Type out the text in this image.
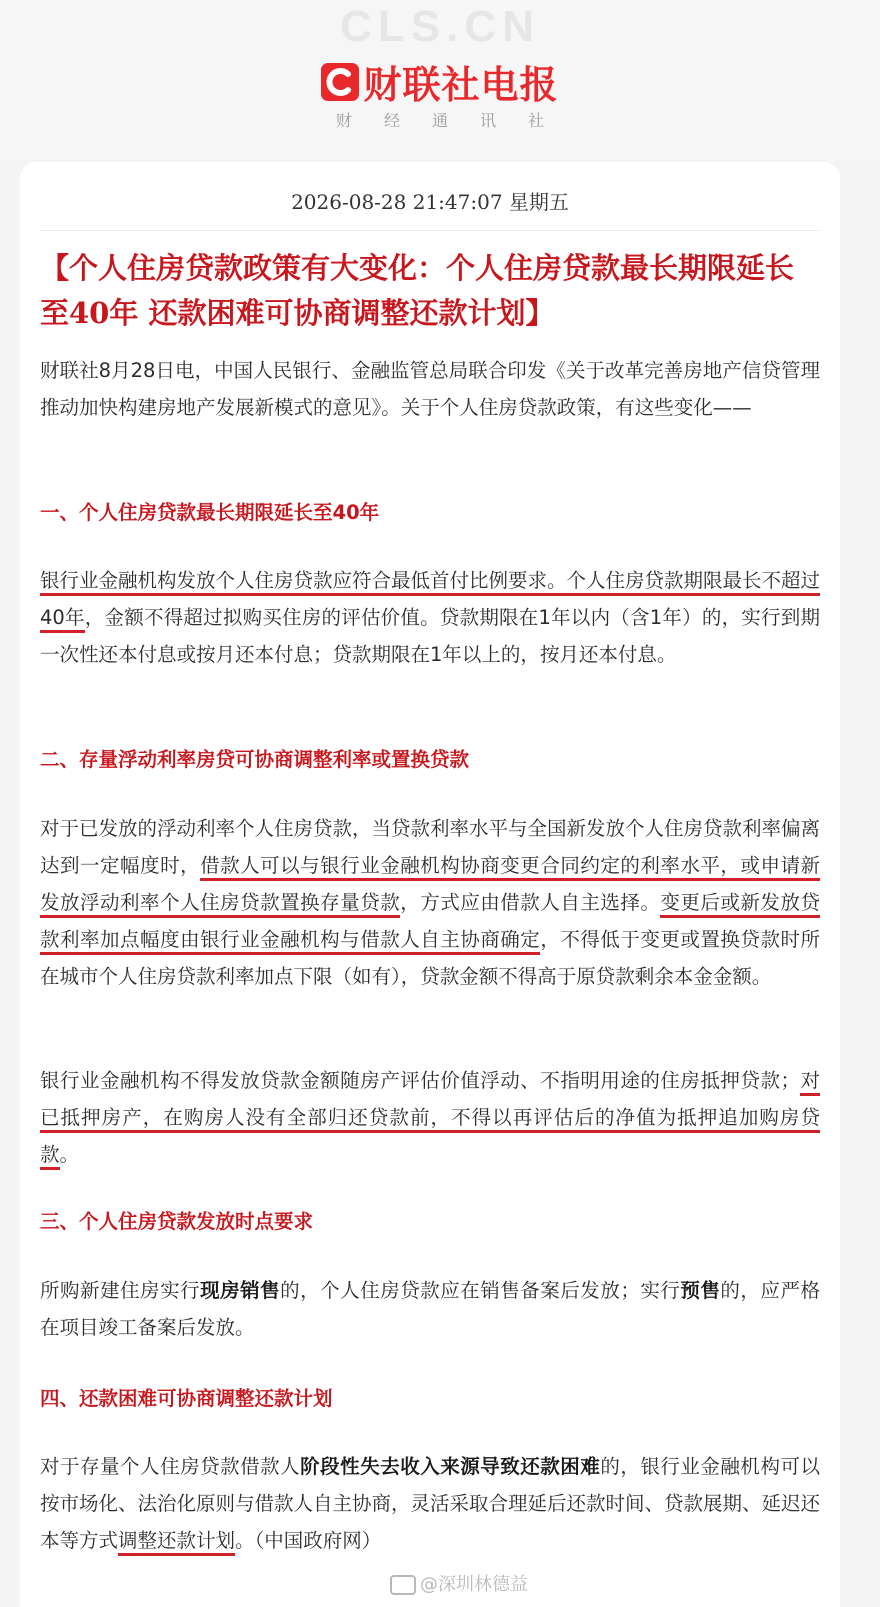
CLS.CN
财联社电报
财经通讯社
2026-08-28 21:47:07 星期五
【个人住房贷款政策有大变化：个人住房贷款最长期限延长至40年 还款困难可协商调整还款计划】

财联社8月28日电，中国人民银行、金融监管总局联合印发《关于改革完善房地产信贷管理 推动加快构建房地产发展新模式的意见》。关于个人住房贷款政策，有这些变化——

一、个人住房贷款最长期限延长至40年

银行业金融机构发放个人住房贷款应符合最低首付比例要求。个人住房贷款期限最长不超过40年，金额不得超过拟购买住房的评估价值。贷款期限在1年以内（含1年）的，实行到期一次性还本付息或按月还本付息；贷款期限在1年以上的，按月还本付息。

二、存量浮动利率房贷可协商调整利率或置换贷款

对于已发放的浮动利率个人住房贷款，当贷款利率水平与全国新发放个人住房贷款利率偏离达到一定幅度时，借款人可以与银行业金融机构协商变更合同约定的利率水平，或申请新发放浮动利率个人住房贷款置换存量贷款，方式应由借款人自主选择。变更后或新发放贷款利率加点幅度由银行业金融机构与借款人自主协商确定，不得低于变更或置换贷款时所在城市个人住房贷款利率加点下限（如有），贷款金额不得高于原贷款剩余本金金额。

银行业金融机构不得发放贷款金额随房产评估价值浮动、不指明用途的住房抵押贷款；对已抵押房产，在购房人没有全部归还贷款前，不得以再评估后的净值为抵押追加购房贷款。

三、个人住房贷款发放时点要求

所购新建住房实行现房销售的，个人住房贷款应在销售备案后发放；实行预售的，应严格在项目竣工备案后发放。

四、还款困难可协商调整还款计划

对于存量个人住房贷款借款人阶段性失去收入来源导致还款困难的，银行业金融机构可以按市场化、法治化原则与借款人自主协商，灵活采取合理延后还款时间、贷款展期、延迟还本等方式调整还款计划。（中国政府网）

@深圳林德益
